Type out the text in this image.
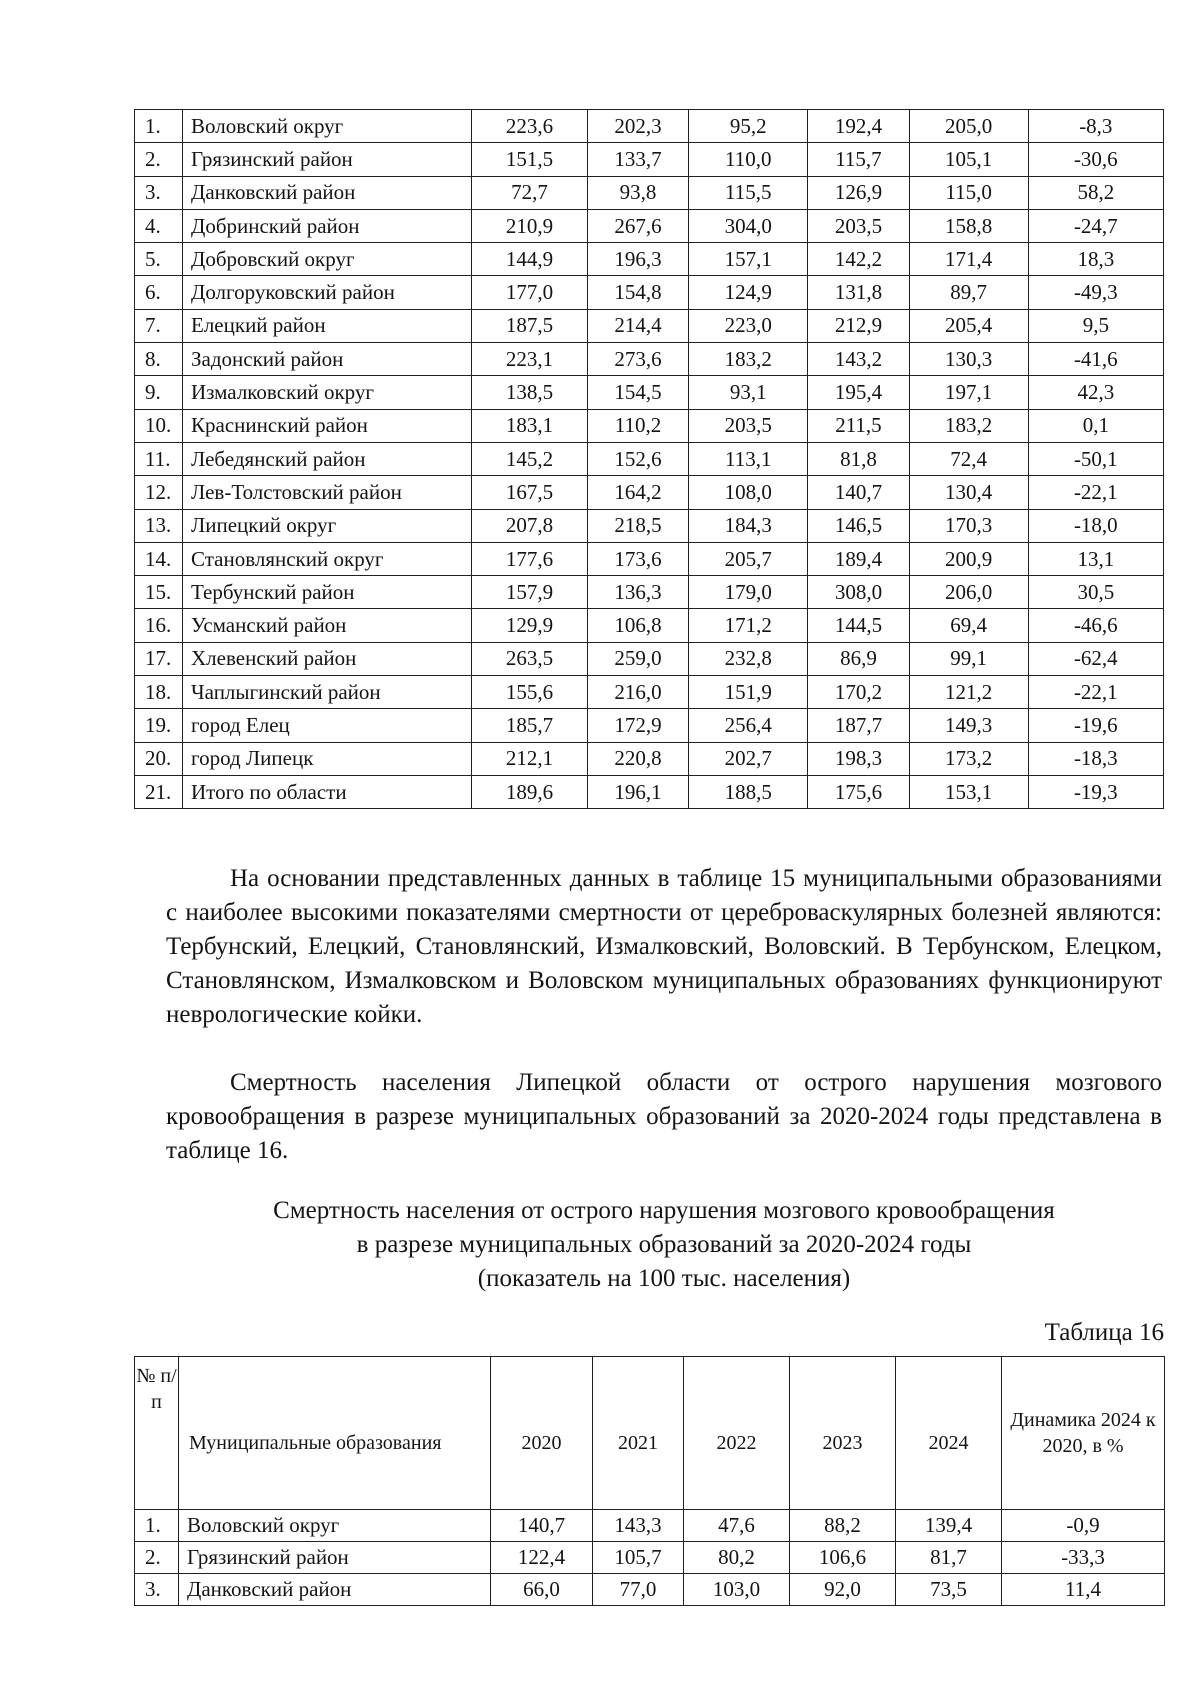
1.	Воловский округ	223,6	202,3	95,2	192,4	205,0	-8,3
2.	Грязинский район	151,5	133,7	110,0	115,7	105,1	-30,6
3.	Данковский район	72,7	93,8	115,5	126,9	115,0	58,2
4.	Добринский район	210,9	267,6	304,0	203,5	158,8	-24,7
5.	Добровский округ	144,9	196,3	157,1	142,2	171,4	18,3
6.	Долгоруковский район	177,0	154,8	124,9	131,8	89,7	-49,3
7.	Елецкий район	187,5	214,4	223,0	212,9	205,4	9,5
8.	Задонский район	223,1	273,6	183,2	143,2	130,3	-41,6
9.	Измалковский округ	138,5	154,5	93,1	195,4	197,1	42,3
10.	Краснинский район	183,1	110,2	203,5	211,5	183,2	0,1
11.	Лебедянский район	145,2	152,6	113,1	81,8	72,4	-50,1
12.	Лев-Толстовский район	167,5	164,2	108,0	140,7	130,4	-22,1
13.	Липецкий округ	207,8	218,5	184,3	146,5	170,3	-18,0
14.	Становлянский округ	177,6	173,6	205,7	189,4	200,9	13,1
15.	Тербунский район	157,9	136,3	179,0	308,0	206,0	30,5
16.	Усманский район	129,9	106,8	171,2	144,5	69,4	-46,6
17.	Хлевенский район	263,5	259,0	232,8	86,9	99,1	-62,4
18.	Чаплыгинский район	155,6	216,0	151,9	170,2	121,2	-22,1
19.	город Елец	185,7	172,9	256,4	187,7	149,3	-19,6
20.	город Липецк	212,1	220,8	202,7	198,3	173,2	-18,3
21.	Итого по области	189,6	196,1	188,5	175,6	153,1	-19,3

На основании представленных данных в таблице 15 муниципальными образованиями с наиболее высокими показателями смертности от цереброваскулярных болезней являются: Тербунский, Елецкий, Становлянский, Измалковский, Воловский. В Тербунском, Елецком, Становлянском, Измалковском и Воловском муниципальных образованиях функционируют неврологические койки.

Смертность населения Липецкой области от острого нарушения мозгового кровообращения в разрезе муниципальных образований за 2020-2024 годы представлена в таблице 16.

Смертность населения от острого нарушения мозгового кровообращения
в разрезе муниципальных образований за 2020-2024 годы
(показатель на 100 тыс. населения)
Таблица 16
№ п/п	Муниципальные образования	2020	2021	2022	2023	2024	Динамика 2024 к 2020, в %
1.	Воловский округ	140,7	143,3	47,6	88,2	139,4	-0,9
2.	Грязинский район	122,4	105,7	80,2	106,6	81,7	-33,3
3.	Данковский район	66,0	77,0	103,0	92,0	73,5	11,4
